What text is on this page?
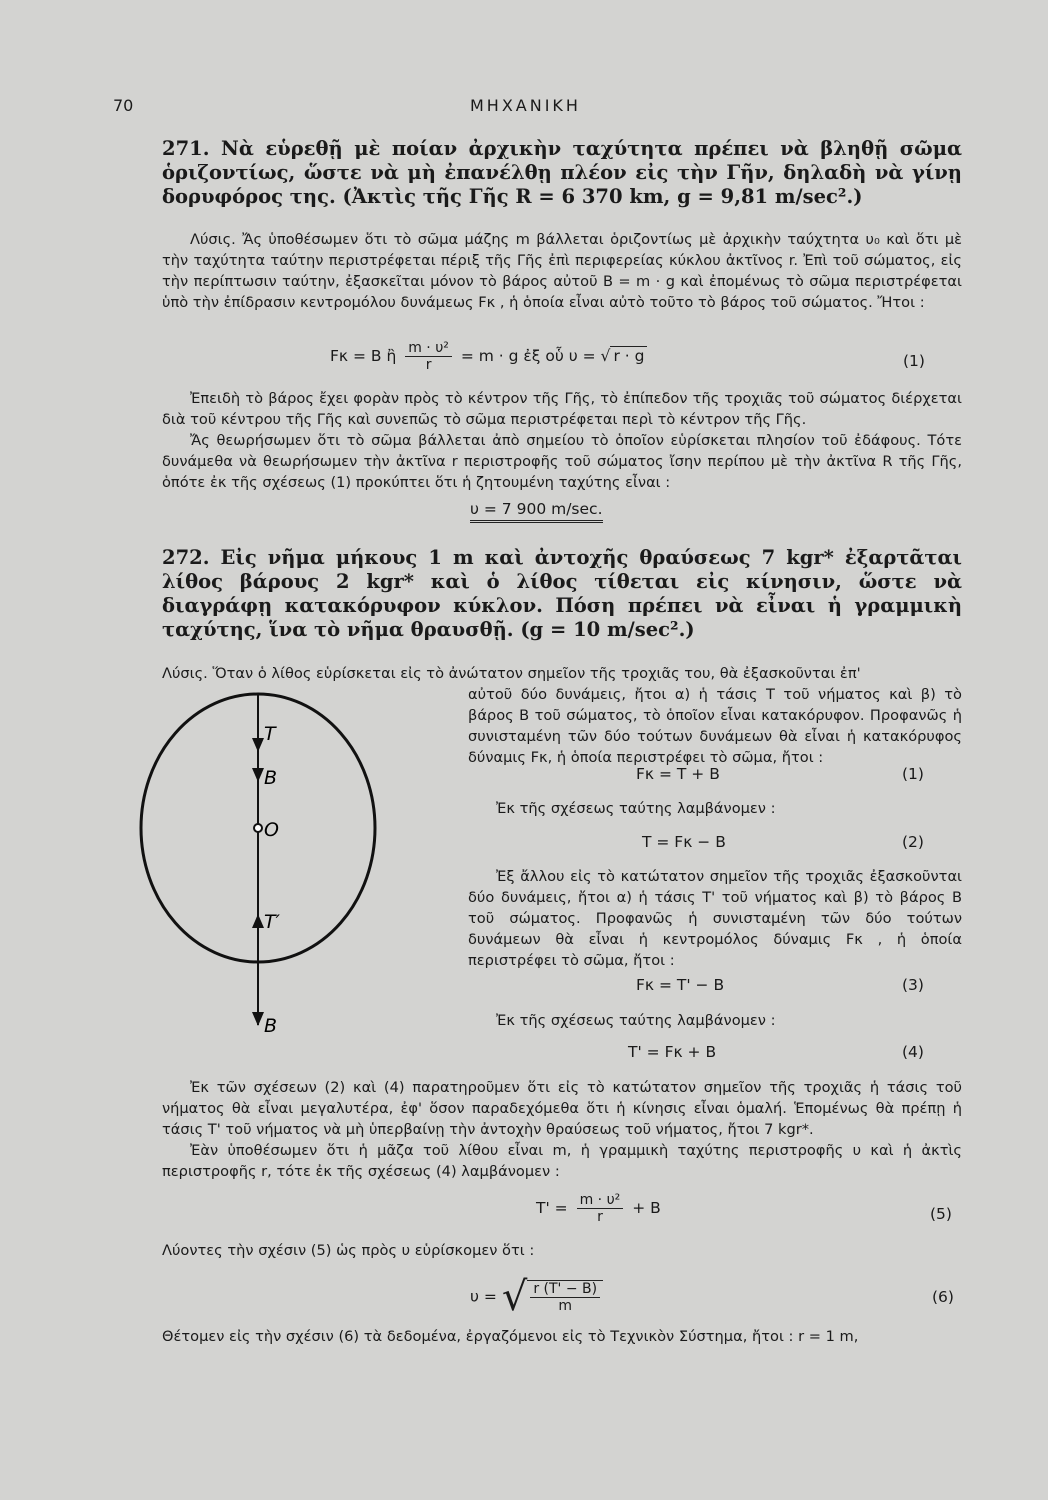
70	ΜΗΧΑΝΙΚΗ
271. Νὰ εὑρεθῇ μὲ ποίαν ἀρχικὴν ταχύτητα πρέπει νὰ βληθῇ σῶμα ὁριζοντίως, ὥστε νὰ μὴ ἐπανέλθῃ πλέον εἰς τὴν Γῆν, δηλαδὴ νὰ γίνῃ δορυφόρος της. (Ἀκτὶς τῆς Γῆς R = 6 370 km, g = 9,81 m/sec².)

Λύσις. Ἄς ὑποθέσωμεν ὅτι τὸ σῶμα μάζης m βάλλεται ὁριζοντίως μὲ ἀρχικὴν ταύχτητα υ₀ καὶ ὅτι μὲ τὴν ταχύτητα ταύτην περιστρέφεται πέριξ τῆς Γῆς ἐπὶ περιφερείας κύκλου ἀκτῖνος r. Ἐπὶ τοῦ σώματος, εἰς τὴν περίπτωσιν ταύτην, ἐξασκεῖται μόνον τὸ βάρος αὐτοῦ B = m · g καὶ ἐπομένως τὸ σῶμα περιστρέφεται ὑπὸ τὴν ἐπίδρασιν κεντρομόλου δυνάμεως Fκ , ἡ ὁποία εἶναι αὐτὸ τοῦτο τὸ βάρος τοῦ σώματος. Ἤτοι :

Fκ = B ἢ $\frac{\text{m · υ²}}{r} = m \cdot g$ ἐξ οὗ υ = √ r · g	(1)

Ἐπειδὴ τὸ βάρος ἔχει φορὰν πρὸς τὸ κέντρον τῆς Γῆς, τὸ ἐπίπεδον τῆς τροχιᾶς τοῦ σώματος διέρχεται διὰ τοῦ κέντρου τῆς Γῆς καὶ συνεπῶς τὸ σῶμα περιστρέφεται περὶ τὸ κέντρον τῆς Γῆς.

Ἄς θεωρήσωμεν ὅτι τὸ σῶμα βάλλεται ἀπὸ σημείου τὸ ὁποῖον εὑρίσκεται πλησίον τοῦ ἐδάφους. Τότε δυνάμεθα νὰ θεωρήσωμεν τὴν ἀκτῖνα r περιστροφῆς τοῦ σώματος ἴσην περίπου μὲ τὴν ἀκτῖνα R τῆς Γῆς, ὁπότε ἐκ τῆς σχέσεως (1) προκύπτει ὅτι ἡ ζητουμένη ταχύτης εἶναι :

υ = 7 900 m/sec.
272. Εἰς νῆμα μήκους 1 m καὶ ἀντοχῆς θραύσεως 7 kgr* ἐξαρτᾶται λίθος βάρους 2 kgr* καὶ ὁ λίθος τίθεται εἰς κίνησιν, ὥστε νὰ διαγράφῃ κατακόρυφον κύκλον. Πόση πρέπει νὰ εἶναι ἡ γραμμικὴ ταχύτης, ἵνα τὸ νῆμα θραυσθῇ. (g = 10 m/sec².)
Λύσις. Ὅταν ὁ λίθος εὑρίσκεται εἰς τὸ ἀνώτατον σημεῖον τῆς τροχιᾶς του, θὰ ἐξασκοῦνται ἐπ'
αὐτοῦ δύο δυνάμεις, ἤτοι α) ἡ τάσις T τοῦ νήματος καὶ β) τὸ βάρος B τοῦ σώματος, τὸ ὁποῖον εἶναι κατακόρυφον. Προφανῶς ἡ συνισταμένη τῶν δύο τούτων δυνάμεων θὰ εἶναι ἡ κατακόρυφος δύναμις Fκ, ἡ ὁποία περιστρέφει τὸ σῶμα, ἤτοι :
Fκ = T + B	(1)
Ἐκ τῆς σχέσεως ταύτης λαμβάνομεν :
T = Fκ − B	(2)
Ἐξ ἄλλου εἰς τὸ κατώτατον σημεῖον τῆς τροχιᾶς ἐξασκοῦνται δύο δυνάμεις, ἤτοι α) ἡ τάσις T' τοῦ νήματος καὶ β) τὸ βάρος B τοῦ σώματος. Προφανῶς ἡ συνισταμένη τῶν δύο τούτων δυνάμεων θὰ εἶναι ἡ κεντρομόλος δύναμις Fκ , ἡ ὁποία περιστρέφει τὸ σῶμα, ἤτοι :
Fκ = T' − B	(3)
Ἐκ τῆς σχέσεως ταύτης λαμβάνομεν :
T' = Fκ + B	(4)
T
B
O
T′
B
Ἐκ τῶν σχέσεων (2) καὶ (4) παρατηροῦμεν ὅτι εἰς τὸ κατώτατον σημεῖον τῆς τροχιᾶς ἡ τάσις τοῦ νήματος θὰ εἶναι μεγαλυτέρα, ἐφ' ὅσον παραδεχόμεθα ὅτι ἡ κίνησις εἶναι ὁμαλή. Ἑπομένως θὰ πρέπῃ ἡ τάσις T' τοῦ νήματος νὰ μὴ ὑπερβαίνῃ τὴν ἀντοχὴν θραύσεως τοῦ νήματος, ἤτοι 7 kgr*.
Ἐὰν ὑποθέσωμεν ὅτι ἡ μᾶζα τοῦ λίθου εἶναι m, ἡ γραμμικὴ ταχύτης περιστροφῆς υ καὶ ἡ ἀκτὶς περιστροφῆς r, τότε ἐκ τῆς σχέσεως (4) λαμβάνομεν :
$T' = \frac{\text{m · υ²}}{r} + B$	(5)
Λύοντες τὴν σχέσιν (5) ὡς πρὸς υ εὑρίσκομεν ὅτι :
υ = √ $\frac{r (T' - B)}{m}$	(6)
Θέτομεν εἰς τὴν σχέσιν (6) τὰ δεδομένα, ἐργαζόμενοι εἰς τὸ Τεχνικὸν Σύστημα, ἤτοι : r = 1 m,
